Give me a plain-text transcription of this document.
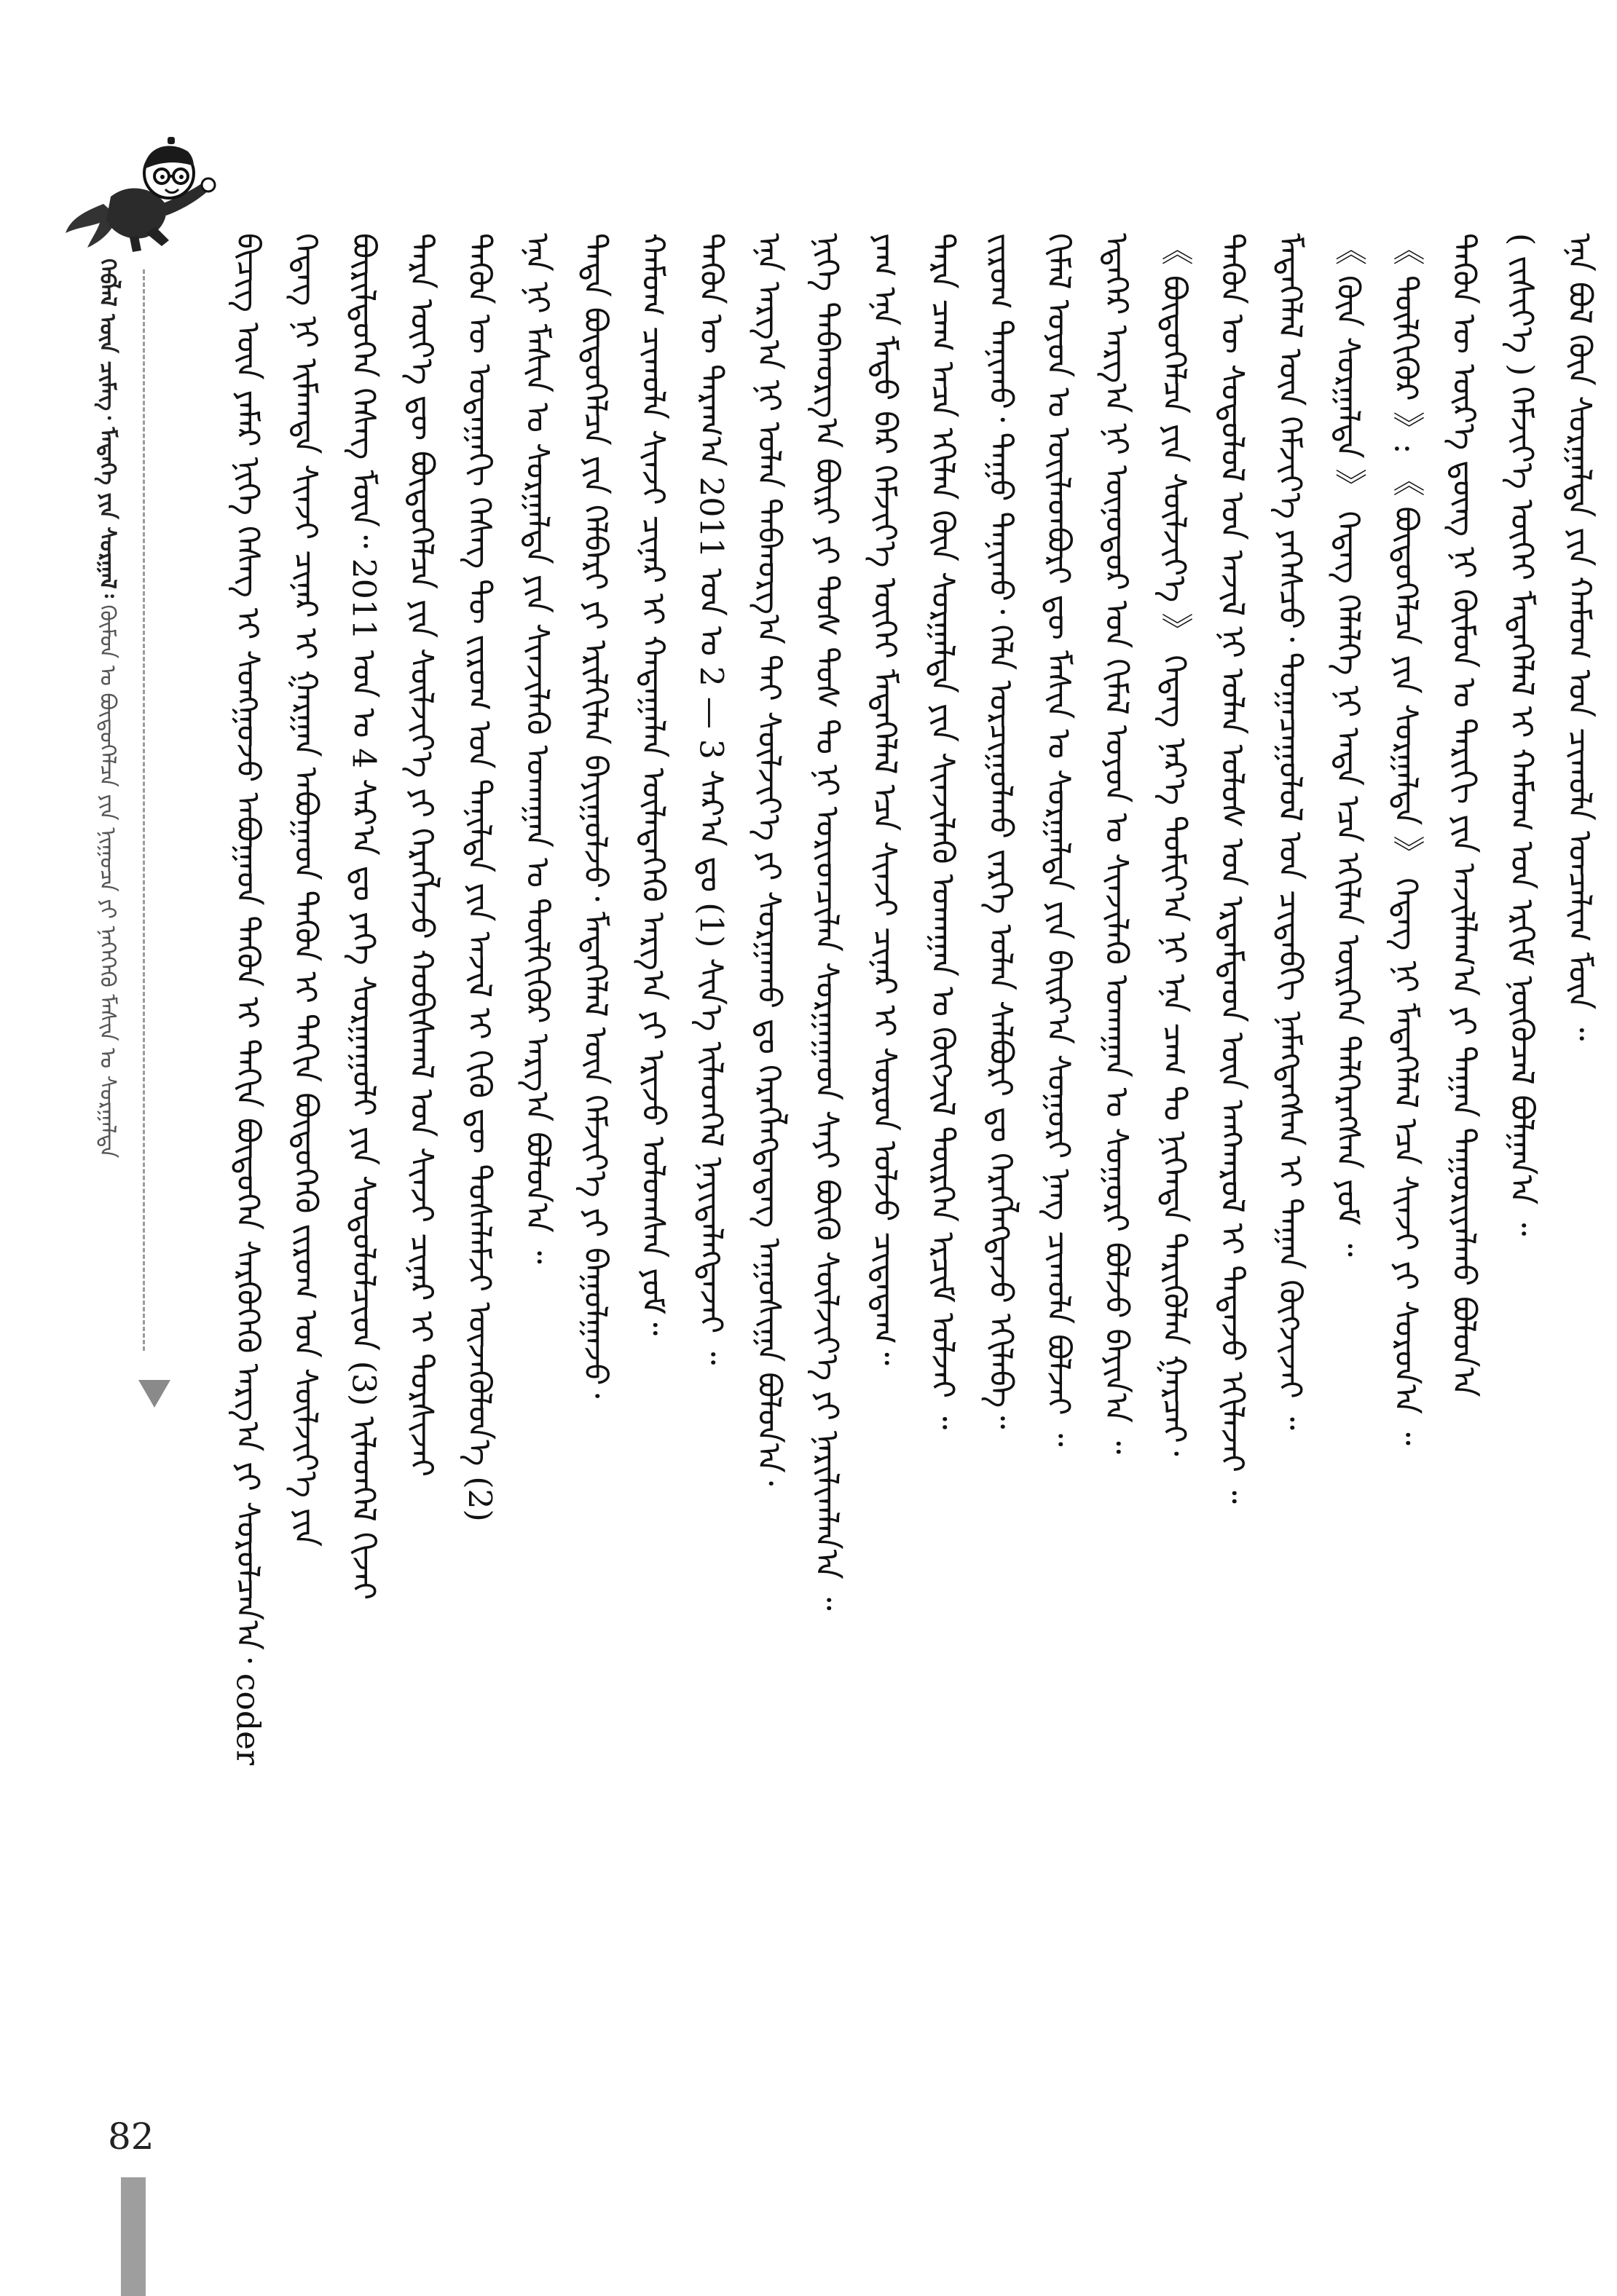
ᠬᠡᠪᠯᠡᠯ ᠦᠨ ᠴᠢᠮᠡᠭ᠂ ᠮᠡᠳᠡᠭᠡ ᠶᠢᠨ ᠰᠤᠷᠭᠠᠯ᠄ ᠬᠦᠮᠦᠨ ᠤ ᠪᠦᠲᠦᠭᠡᠯᠴᠡ ᠶᠢᠨ ᠨᠢᠭᠤᠴᠠ ᠶᠢ ᠨᠡᠭᠡᠭᠡᠬᠦ ᠮᠠᠰᠢᠨ ᠤ ᠰᠤᠷᠭᠠᠯᠲᠠ	ᠪᠢᠴᠢᠭ ᠦᠨ ᠶᠠᠮᠠᠷ ᠨᠢᠭᠡ ᠬᠡᠰᠡᠭ ᠢ ᠰᠤᠩᠭᠤᠵᠤ ᠠᠪᠤᠭᠠᠳ ᠲᠡᠭᠦᠨ ᠢ ᠳᠠᠬᠢᠨ ᠪᠦᠲᠦᠭᠡᠨ ᠰᠡᠷᠭᠦᠭᠡᠬᠦ ᠠᠷᠭ᠎ᠠ ᠶᠢ ᠰᠤᠷᠤᠯᠴᠠᠨ᠎ᠠ᠂ coder ᠭᠡᠳᠡᠭ ᠨᠢ ᠢᠮᠠᠭᠲᠠ ᠰᠢᠨᠵᠢ ᠴᠢᠨᠠᠷ ᠢ ᠭᠠᠷᠭᠠᠨ ᠠᠪᠤᠭᠠᠳ ᠲᠡᠭᠦᠨ ᠢ ᠳᠠᠬᠢᠨ ᠪᠦᠲᠦᠭᠡᠬᠦ ᠵᠢᠷᠤᠭ ᠤᠨ ᠰᠦᠯᠵᠢᠶ᠎ᠡ ᠶᠢᠨ ᠪᠦᠷᠢᠯᠳᠦᠭᠡᠨ ᠬᠡᠰᠡᠭ ᠮᠥᠨ᠃ 2011 ᠣᠨ ᠤ 4 ᠰᠠᠷ᠎ᠠ ᠳᠤ ᠶᠡᠬᠡ ᠰᠤᠷᠭᠠᠭᠤᠯᠢ ᠶᠢᠨ ᠰᠤᠳᠤᠯᠤᠯᠴᠢᠳ (3) ᠢᠯᠡᠳᠭᠡᠯ ᠬᠢᠵᠡᠢ ᠲᠡᠷᠡ ᠦᠶ᠎ᠡ ᠳᠦ ᠪᠦᠲᠦᠭᠡᠯᠴᠡ ᠶᠢᠨ ᠰᠦᠯᠵᠢᠶ᠎ᠡ ᠶᠢ ᠬᠡᠷᠡᠭᠯᠡᠵᠦ ᠬᠤᠪᠢᠰᠬᠠᠯ ᠤᠨ ᠰᠢᠨᠵᠢ ᠴᠢᠨᠠᠷ ᠢ ᠲᠤᠷᠰᠢᠵᠠᠢ ᠲᠡᠭᠦᠨ ᠦ ᠤᠳᠠᠭᠠᠬᠢ ᠬᠡᠰᠡᠭ ᠲᠦ ᠵᠢᠷᠤᠭ ᠤᠨ ᠲᠠᠨᠢᠯᠲᠠ ᠶᠢᠨ ᠠᠵᠢᠯ ᠢ ᠬᠢᠬᠦ ᠳᠦ ᠲᠤᠰᠠᠯᠠᠮᠵᠢ ᠦᠵᠡᠭᠦᠯᠦᠨ᠎ᠡ (2) ᠡᠨᠡ ᠨᠢ ᠮᠠᠰᠢᠨ ᠤ ᠰᠤᠷᠭᠠᠯᠲᠠ ᠶᠢᠨ ᠰᠢᠨᠵᠢᠯᠡᠬᠦ ᠤᠬᠠᠭᠠᠨ ᠤ ᠲᠦᠯᠬᠢᠭᠦᠷ ᠠᠷᠭ᠎ᠠ ᠪᠣᠯᠤᠨ᠎ᠠ ᠃ ᠲᠡᠳᠡ ᠪᠦᠲᠦᠭᠡᠯᠴᠡ ᠶᠢᠨ ᠬᠡᠯᠪᠡᠷᠢ ᠶᠢ ᠡᠷᠢᠯᠬᠢᠯᠡᠨ ᠪᠠᠶᠢᠭᠤᠯᠵᠤ᠂ ᠮᠡᠳᠡᠭᠡᠯᠡᠯ ᠦᠨ ᠬᠡᠮᠵᠢᠶ᠎ᠡ ᠶᠢ ᠪᠠᠭᠤᠯᠭᠠᠵᠤ᠂ ᠬᠠᠮᠤᠭ ᠴᠢᠬᠤᠯᠠ ᠰᠢᠨᠵᠢ ᠴᠢᠨᠠᠷ ᠢ ᠬᠠᠳᠠᠭᠠᠯᠠᠨ ᠦᠯᠡᠳᠡᠭᠡᠬᠦ ᠠᠷᠭ᠎ᠠ ᠶᠢ ᠡᠷᠢᠵᠦ ᠣᠯᠤᠭᠰᠠᠨ ᠶᠤᠮ᠃ ᠲᠡᠭᠦᠨ ᠦ ᠳᠠᠷᠠᠭ᠎ᠠ 2011 ᠣᠨ ᠤ 2 — 3 ᠰᠠᠷ᠎ᠠ ᠳᠤ (1) ᠰᠢᠨ᠎ᠡ ᠢᠯᠡᠳᠭᠡᠯ ᠨᠡᠶᠢᠲᠡᠯᠡᠭᠳᠡᠵᠡᠢ ᠃ ᠡᠨᠡ ᠠᠷᠭ᠎ᠠ ᠨᠢ ᠣᠯᠠᠨ ᠳᠠᠪᠬᠤᠷᠭ᠎ᠠ ᠲᠠᠢ ᠰᠦᠯᠵᠢᠶ᠎ᠡ ᠶᠢ ᠰᠤᠷᠭᠠᠬᠤ ᠳᠤ ᠬᠡᠷᠡᠭᠯᠡᠭᠳᠡᠳᠡᠭ ᠠᠭᠤᠰᠢᠭᠠ ᠪᠣᠯᠤᠨ᠎ᠠ᠂ ᠨᠢᠭᠡ ᠳᠠᠪᠬᠤᠷᠭ᠎ᠠ ᠪᠦᠷᠢ ᠶᠢ ᠲᠤᠰ ᠲᠤᠰ ᠲᠤ ᠨᠢ ᠤᠷᠢᠳᠴᠢᠯᠠᠨ ᠰᠤᠷᠭᠠᠭᠠᠳ ᠰᠠᠶᠢ ᠪᠦᠬᠦ ᠰᠦᠯᠵᠢᠶ᠎ᠡ ᠶᠢ ᠨᠠᠷᠢᠯᠢᠭᠯᠠᠨ᠎ᠠ ᠃ ᠶᠠᠭ ᠡᠨᠡ ᠮᠡᠲᠦ ᠪᠠᠷ ᠬᠡᠮᠵᠢᠶ᠎ᠡ ᠦᠭᠡᠢ ᠮᠡᠳᠡᠭᠡᠯᠡᠯ ᠡᠴᠡ ᠰᠢᠨᠵᠢ ᠴᠢᠨᠠᠷ ᠢ ᠰᠤᠷᠤᠨ ᠣᠯᠵᠤ ᠴᠢᠳᠠᠳᠠᠭ᠃ ᠲᠡᠷᠡ ᠴᠠᠭ ᠠᠴᠠ ᠡᠬᠢᠯᠡᠨ ᠭᠦᠨ ᠰᠤᠷᠭᠠᠯᠲᠠ ᠶᠢᠨ ᠰᠢᠨᠵᠢᠯᠡᠬᠦ ᠤᠬᠠᠭᠠᠨ ᠤ ᠬᠥᠭᠵᠢᠯ ᠲᠦᠷᠭᠡᠨ ᠡᠷᠴᠢᠮ ᠣᠯᠵᠠᠢ ᠃ ᠵᠢᠷᠤᠭ ᠲᠠᠨᠢᠬᠤ᠂ ᠳᠠᠭᠤ ᠲᠠᠨᠢᠬᠤ᠂ ᠬᠡᠯᠡ ᠣᠷᠴᠢᠭᠤᠯᠬᠤ ᠵᠡᠷᠭᠡ ᠣᠯᠠᠨ ᠰᠠᠯᠪᠤᠷᠢ ᠳᠤ ᠬᠡᠷᠡᠭᠯᠡᠭᠳᠡᠵᠦ ᠡᠬᠢᠯᠡᠪᠡ᠃ ᠬᠢᠮᠡᠯ ᠤᠶᠤᠨ ᠤ ᠦᠢᠯᠡᠳᠪᠦᠷᠢ ᠳᠦ ᠮᠠᠰᠢᠨ ᠤ ᠰᠤᠷᠭᠠᠯᠲᠠ ᠶᠢᠨ ᠪᠠᠢᠷ᠎ᠠ ᠰᠤᠭᠤᠷᠢ ᠨᠡᠩ ᠴᠢᠬᠤᠯᠠ ᠪᠣᠯᠵᠠᠢ ᠃ ᠡᠳᠡᠭᠡᠷ ᠠᠷᠭ᠎ᠠ ᠨᠢ ᠥᠨᠥᠳᠦᠷ ᠤᠨ ᠬᠢᠮᠡᠯ ᠤᠶᠤᠨ ᠤ ᠰᠢᠨᠵᠢᠯᠡᠬᠦ ᠤᠬᠠᠭᠠᠨ ᠤ ᠰᠤᠭᠤᠷᠢ ᠪᠣᠯᠵᠤ ᠪᠠᠶᠢᠨ᠎ᠠ ᠃ 《 ᠪᠦᠲᠦᠭᠡᠯᠴᠡ ᠶᠢᠨ ᠰᠦᠯᠵᠢᠶ᠎ᠡ 》 ᠭᠡᠳᠡᠭ ᠨᠡᠷ᠎ᠡ ᠲᠣᠮᠢᠶ᠎ᠠ ᠨᠢ ᠡᠨᠡ ᠴᠠᠭ ᠲᠤ ᠨᠢᠭᠡᠨᠲᠡ ᠲᠡᠷᠢᠭᠦᠯᠡᠨ ᠭᠠᠷᠴᠠᠢ᠂ ᠲᠡᠭᠦᠨ ᠦ ᠰᠤᠳᠤᠯᠤᠯ ᠤᠨ ᠠᠵᠢᠯ ᠨᠢ ᠣᠯᠠᠨ ᠤᠯᠤᠰ ᠤᠨ ᠡᠷᠳᠡᠮᠲᠡᠳ ᠦᠨ ᠠᠩᠬᠠᠷᠤᠯ ᠢ ᠲᠠᠲᠠᠵᠤ ᠡᠬᠢᠯᠡᠵᠡᠢ ᠃ ᠮᠡᠳᠡᠭᠡᠯᠡᠯ ᠦᠨ ᠬᠡᠮᠵᠢᠶ᠎ᠡ ᠶᠡᠬᠡᠰᠴᠦ᠂ ᠲᠣᠭᠠᠴᠠᠭᠤᠯᠤᠯ ᠤᠨ ᠴᠢᠳᠠᠪᠬᠢ ᠨᠡᠮᠡᠭᠳᠡᠭᠰᠡᠨ ᠢ ᠳᠠᠭᠠᠨ ᠬᠥᠭᠵᠢᠵᠡᠢ ᠃ 《 ᠭᠦᠨ ᠰᠤᠷᠭᠠᠯᠲᠠ 》 ᠭᠡᠳᠡᠭ ᠬᠡᠯᠡᠯᠭᠡ ᠨᠢ ᠡᠨᠳᠡ ᠡᠴᠡ ᠡᠬᠢᠯᠡᠨ ᠥᠷᠭᠡᠨ ᠳᠡᠯᠭᠡᠷᠡᠭᠰᠡᠨ ᠶᠤᠮ ᠃ 《 ᠲᠦᠯᠬᠢᠭᠦᠷ 》: 《 ᠪᠦᠲᠦᠭᠡᠯᠴᠡ ᠶᠢᠨ ᠰᠤᠷᠭᠠᠯᠲᠠ 》 ᠭᠡᠳᠡᠭ ᠨᠢ ᠮᠡᠳᠡᠭᠡᠯᠡᠯ ᠡᠴᠡ ᠰᠢᠨᠵᠢ ᠶᠢ ᠰᠤᠷᠤᠨ᠎ᠠ ᠃ ᠲᠡᠭᠦᠨ ᠦ ᠦᠷ᠎ᠡ ᠳ᠋ᠦᠩ ᠨᠢ ᠬᠦᠮᠦᠨ ᠤ ᠲᠠᠷᠢᠬᠢ ᠶᠢᠨ ᠠᠵᠢᠯᠯᠠᠭ᠎ᠠ ᠶᠢ ᠳᠠᠭᠠᠨ ᠳᠠᠭᠤᠷᠢᠶᠠᠯᠬᠤ ᠪᠣᠯᠤᠨ᠎ᠠ ( ᠵᠢᠱᠢᠶ᠎ᠡ ) ᠬᠡᠮᠵᠢᠶ᠎ᠡ ᠦᠭᠡᠢ ᠮᠡᠳᠡᠭᠡᠯᠡᠯ ᠢ ᠬᠠᠮᠤᠭ ᠤᠨ ᠡᠷᠬᠢᠮ ᠨᠥᠬᠥᠴᠡᠯ ᠪᠣᠯᠭᠠᠨ᠎ᠠ ᠃ ᠡᠨᠡ ᠪᠣᠯ ᠭᠦᠨ ᠰᠤᠷᠭᠠᠯᠲᠠ ᠶᠢᠨ ᠬᠠᠮᠤᠭ ᠤᠨ ᠴᠢᠬᠤᠯᠠ ᠣᠨᠴᠠᠯᠢᠭ ᠮᠥᠨ ᠃
82
